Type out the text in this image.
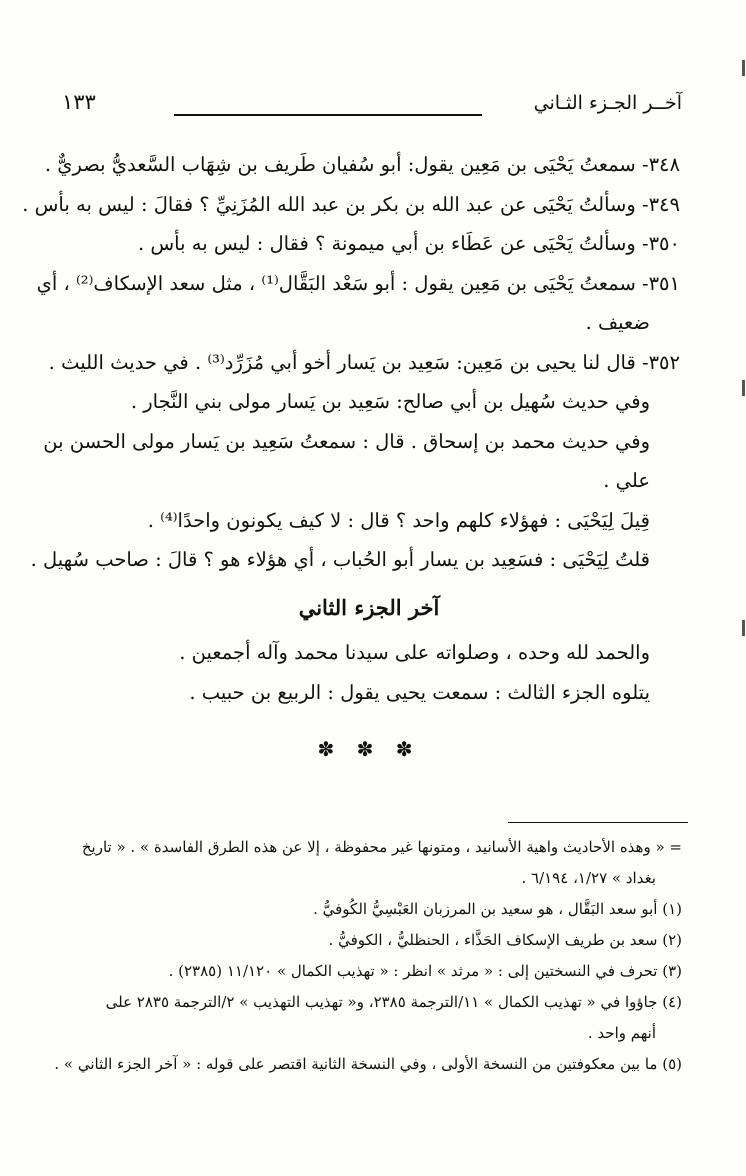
آخــر الجـزء الثـاني
١٣٣
٣٤٨- سمعتُ يَحْيَى بن مَعِين يقول: أبو سُفيان طَريف بن شِهَاب السَّعديُّ بصريٌّ .
٣٤٩- وسألتُ يَحْيَى عن عبد الله بن بكر بن عبد الله المُزَنِيِّ ؟ فقالَ : ليس به بأس .
٣٥٠- وسألتُ يَحْيَى عن عَطَاء بن أبي ميمونة ؟ فقال : ليس به بأس .
٣٥١- سمعتُ يَحْيَى بن مَعِين يقول : أبو سَعْد البَقَّال⁽¹⁾ ، مثل سعد الإسكاف⁽²⁾ ، أي
ضعيف .
٣٥٢- قال لنا يحيى بن مَعِين: سَعِيد بن يَسار أخو أبي مُزَرِّد⁽³⁾ . في حديث الليث .
وفي حديث سُهيل بن أبي صالح: سَعِيد بن يَسار مولى بني النَّجار .
وفي حديث محمد بن إسحاق . قال : سمعتُ سَعِيد بن يَسار مولى الحسن بن
علي .
قِيلَ لِيَحْيَى : فهؤلاء كلهم واحد ؟ قال : لا كيف يكونون واحدًا⁽⁴⁾ .
قلتُ لِيَحْيَى : فسَعِيد بن يسار أبو الحُباب ، أي هؤلاء هو ؟ قالَ : صاحب سُهيل .
آخر الجزء الثاني
والحمد لله وحده ، وصلواته على سيدنا محمد وآله أجمعين .
يتلوه الجزء الثالث : سمعت يحيى يقول : الربيع بن حبيب .
✽ ✽ ✽
= « وهذه الأحاديث واهية الأسانيد ، ومتونها غير محفوظة ، إلا عن هذه الطرق الفاسدة » . « تاريخ
بغداد » ١/٢٧، ٦/١٩٤ .
(١) أبو سعد البَقَّال ، هو سعيد بن المرزبان العَبْسِيُّ الكُوفيُّ .
(٢) سعد بن طريف الإسكاف الحَذَّاء ، الحنظليُّ ، الكوفيُّ .
(٣) تحرف في النسختين إلى : « مرثد » انظر : « تهذيب الكمال » ١١/١٢٠ (٢٣٨٥) .
(٤) جاؤوا في « تهذيب الكمال » ١١/الترجمة ٢٣٨٥، و« تهذيب التهذيب » ٢/الترجمة ٢٨٣٥ على
أنهم واحد .
(٥) ما بين معكوفتين من النسخة الأولى ، وفي النسخة الثانية اقتصر على قوله : « آخر الجزء الثاني » .
